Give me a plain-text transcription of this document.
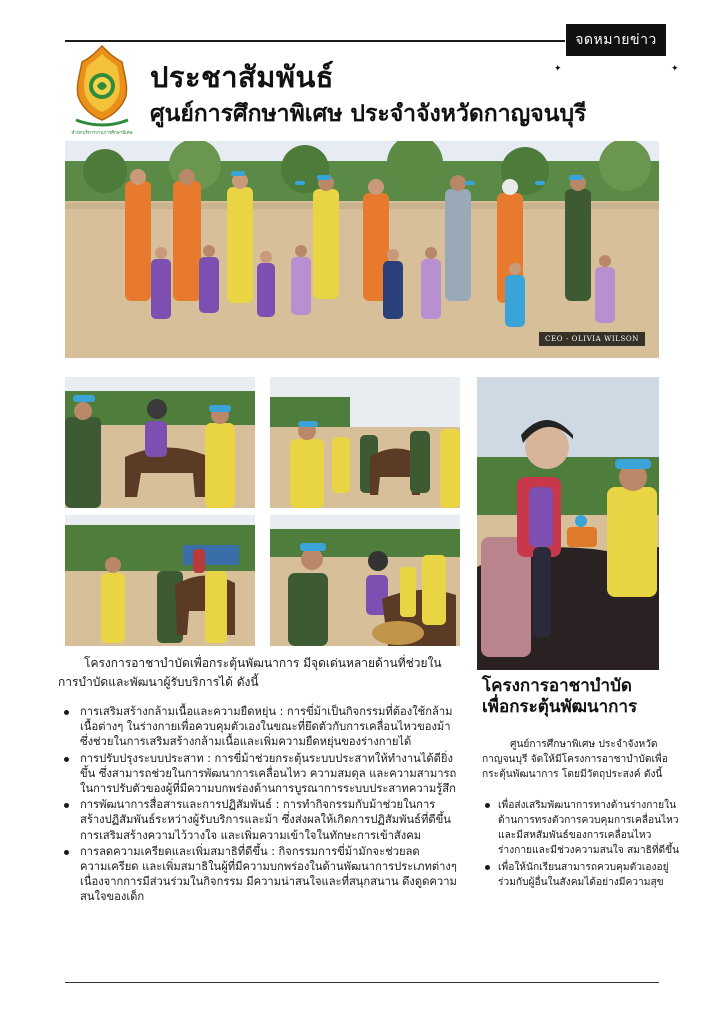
จดหมายข่าว
✦	✦
สำนักบริหารงานการศึกษาพิเศษ
ประชาสัมพันธ์
ศูนย์การศึกษาพิเศษ ประจำจังหวัดกาญจนบุรี
CEO - OLIVIA WILSON

โครงการอาชาบำบัดเพื่อกระตุ้นพัฒนาการ มีจุดเด่นหลายด้านที่ช่วยในการบำบัดและพัฒนาผู้รับบริการได้ ดังนี้

การเสริมสร้างกล้ามเนื้อและความยืดหยุ่น : การขี่ม้าเป็นกิจกรรมที่ต้องใช้กล้ามเนื้อต่างๆ ในร่างกายเพื่อควบคุมตัวเองในขณะที่ยึดตัวกับการเคลื่อนไหวของม้า ซึ่งช่วยในการเสริมสร้างกล้ามเนื้อและเพิ่มความยืดหยุ่นของร่างกายได้
การปรับปรุงระบบประสาท : การขี่ม้าช่วยกระตุ้นระบบประสาทให้ทำงานได้ดียิ่งขึ้น ซึ่งสามารถช่วยในการพัฒนาการเคลื่อนไหว ความสมดุล และความสามารถในการปรับตัวของผู้ที่มีความบกพร่องด้านการบูรณาการระบบประสาทความรู้สึก
การพัฒนาการสื่อสารและการปฏิสัมพันธ์ : การทำกิจกรรมกับม้าช่วยในการสร้างปฏิสัมพันธ์ระหว่างผู้รับบริการและม้า ซึ่งส่งผลให้เกิดการปฏิสัมพันธ์ที่ดีขึ้น การเสริมสร้างความไว้วางใจ และเพิ่มความเข้าใจในทักษะการเข้าสังคม
การลดความเครียดและเพิ่มสมาธิที่ดีขึ้น : กิจกรรมการขี่ม้ามักจะช่วยลดความเครียด และเพิ่มสมาธิในผู้ที่มีความบกพร่องในด้านพัฒนาการประเภทต่างๆ เนื่องจากการมีส่วนร่วมในกิจกรรม มีความน่าสนใจและที่สนุกสนาน ดึงดูดความสนใจของเด็ก
โครงการอาชาบำบัด
เพื่อกระตุ้นพัฒนาการ

ศูนย์การศึกษาพิเศษ ประจำจังหวัดกาญจนบุรี จัดให้มีโครงการอาชาบำบัดเพื่อกระตุ้นพัฒนาการ โดยมีวัตถุประสงค์ ดังนี้

เพื่อส่งเสริมพัฒนาการทางด้านร่างกายในด้านการทรงตัวการควบคุมการเคลื่อนไหวและมีสหสัมพันธ์ของการเคลื่อนไหวร่างกายและมีช่วงความสนใจ สมาธิที่ดีขึ้น
เพื่อให้นักเรียนสามารถควบคุมตัวเองอยู่ร่วมกับผู้อื่นในสังคมได้อย่างมีความสุข
